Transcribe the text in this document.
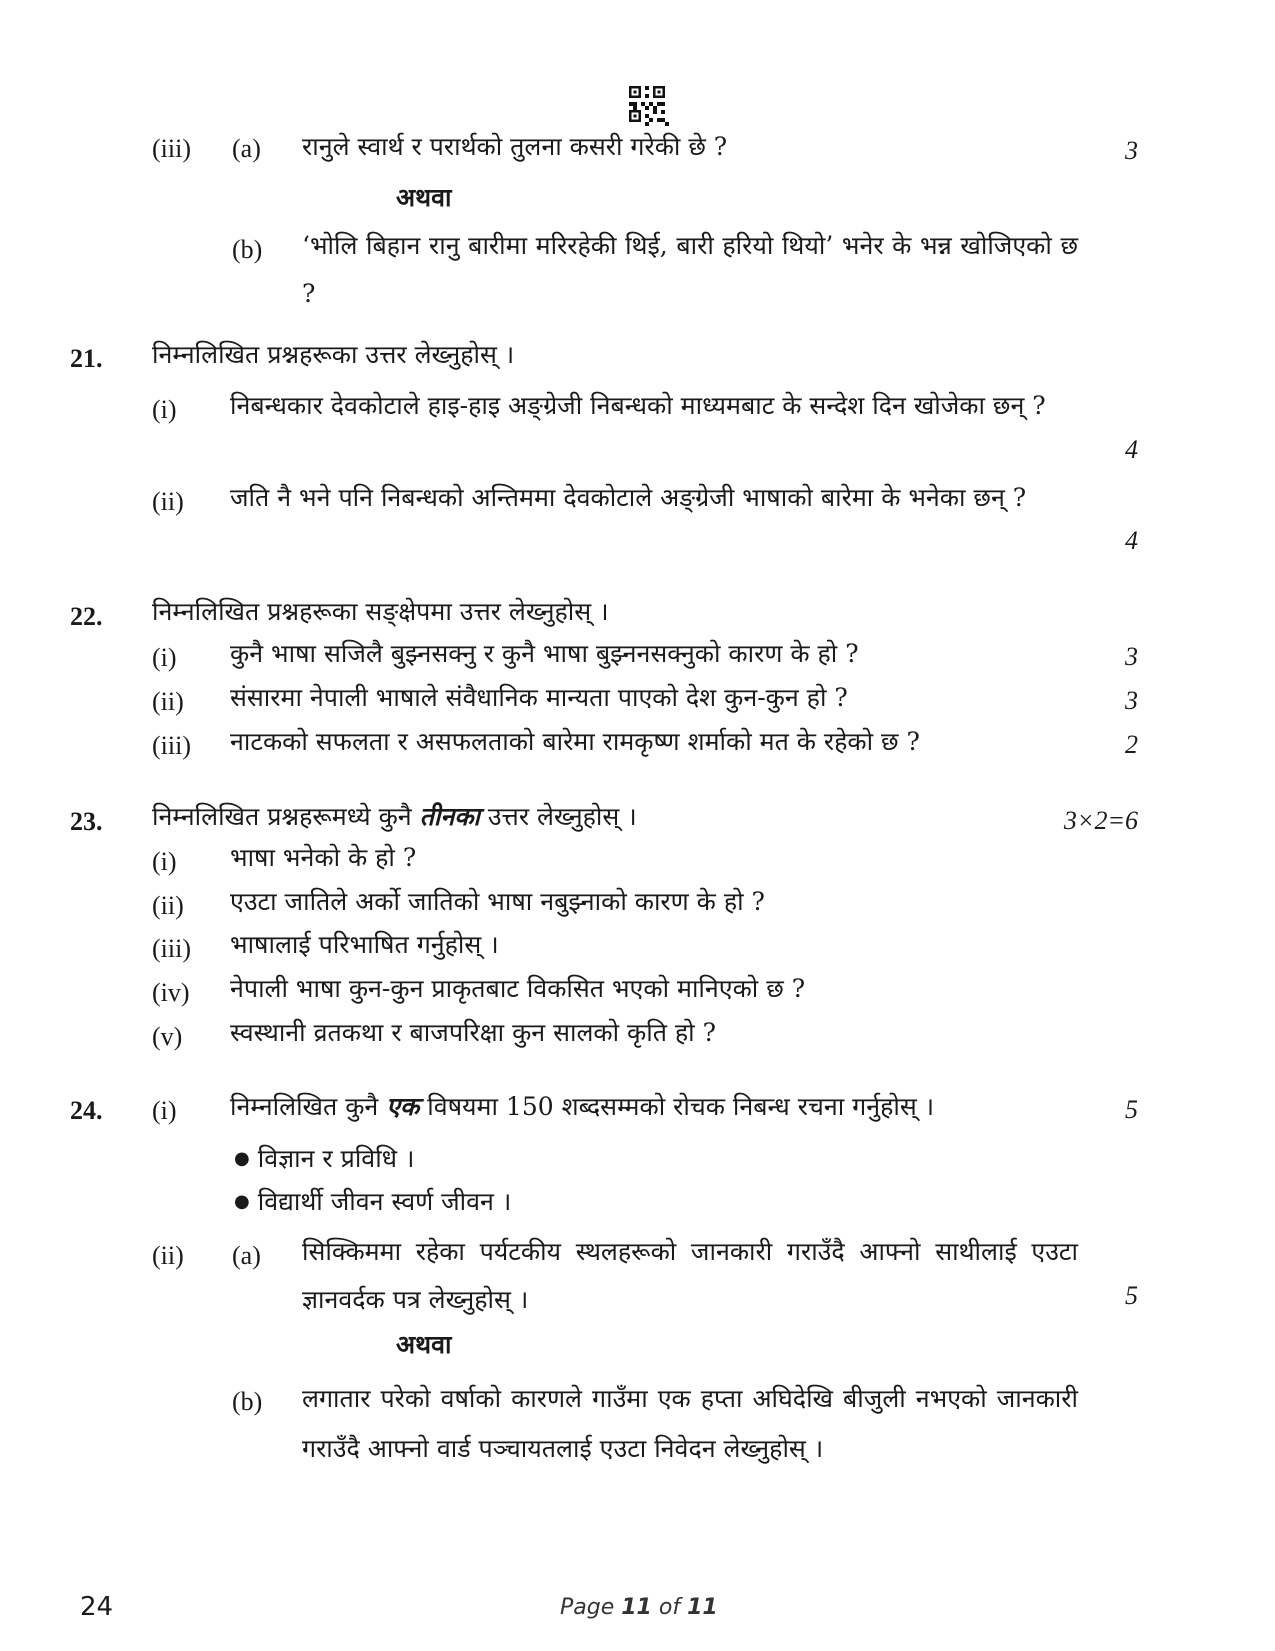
(iii) (a) रानुले स्वार्थ र परार्थको तुलना कसरी गरेकी छे ?	3
अथवा
(b) ‘भोलि बिहान रानु बारीमा मरिरहेकी थिई, बारी हरियो थियो’ भनेर के भन्न खोजिएको छ ?
21. निम्नलिखित प्रश्नहरूका उत्तर लेख्नुहोस् ।
(i) निबन्धकार देवकोटाले हाइ-हाइ अङ्ग्रेजी निबन्धको माध्यमबाट के सन्देश दिन खोजेका छन् ?
4
(ii) जति नै भने पनि निबन्धको अन्तिममा देवकोटाले अङ्ग्रेजी भाषाको बारेमा के भनेका छन् ?
4
22. निम्नलिखित प्रश्नहरूका सङ्क्षेपमा उत्तर लेख्नुहोस् ।
(i) कुनै भाषा सजिलै बुझ्नसक्नु र कुनै भाषा बुझ्ननसक्नुको कारण के हो ?	3
(ii) संसारमा नेपाली भाषाले संवैधानिक मान्यता पाएको देश कुन-कुन हो ?	3
(iii) नाटकको सफलता र असफलताको बारेमा रामकृष्ण शर्माको मत के रहेको छ ?	2
23. निम्नलिखित प्रश्नहरूमध्ये कुनै तीनका उत्तर लेख्नुहोस् ।	3×2=6
(i) भाषा भनेको के हो ?
(ii) एउटा जातिले अर्को जातिको भाषा नबुझ्नाको कारण के हो ?
(iii) भाषालाई परिभाषित गर्नुहोस् ।
(iv) नेपाली भाषा कुन-कुन प्राकृतबाट विकसित भएको मानिएको छ ?
(v) स्वस्थानी व्रतकथा र बाजपरिक्षा कुन सालको कृति हो ?
24. (i) निम्नलिखित कुनै एक विषयमा 150 शब्दसम्मको रोचक निबन्ध रचना गर्नुहोस् ।	5
● विज्ञान र प्रविधि ।
● विद्यार्थी जीवन स्वर्ण जीवन ।
(ii) (a) सिक्किममा रहेका पर्यटकीय स्थलहरूको जानकारी गराउँदै आफ्नो साथीलाई एउटा ज्ञानवर्दक पत्र लेख्नुहोस् ।	5
अथवा
(b) लगातार परेको वर्षाको कारणले गाउँमा एक हप्ता अघिदेखि बीजुली नभएको जानकारी गराउँदै आफ्नो वार्ड पञ्चायतलाई एउटा निवेदन लेख्नुहोस् ।
24	Page 11 of 11
